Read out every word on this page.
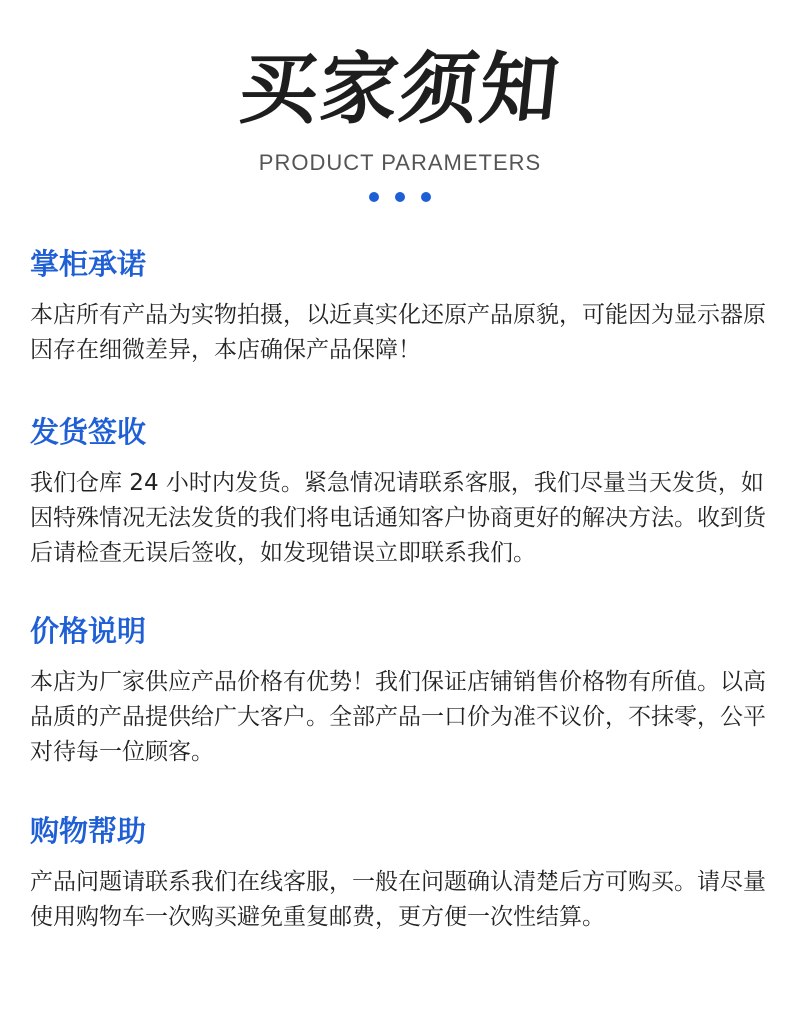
买家须知
PRODUCT PARAMETERS
掌柜承诺

本店所有产品为实物拍摄，以近真实化还原产品原貌，可能因为显示器原因存在细微差异，本店确保产品保障！

发货签收

我们仓库 24 小时内发货。紧急情况请联系客服，我们尽量当天发货，如因特殊情况无法发货的我们将电话通知客户协商更好的解决方法。收到货后请检查无误后签收，如发现错误立即联系我们。

价格说明

本店为厂家供应产品价格有优势！我们保证店铺销售价格物有所值。以高品质的产品提供给广大客户。全部产品一口价为准不议价，不抹零，公平对待每一位顾客。

购物帮助

产品问题请联系我们在线客服，一般在问题确认清楚后方可购买。请尽量使用购物车一次购买避免重复邮费，更方便一次性结算。
